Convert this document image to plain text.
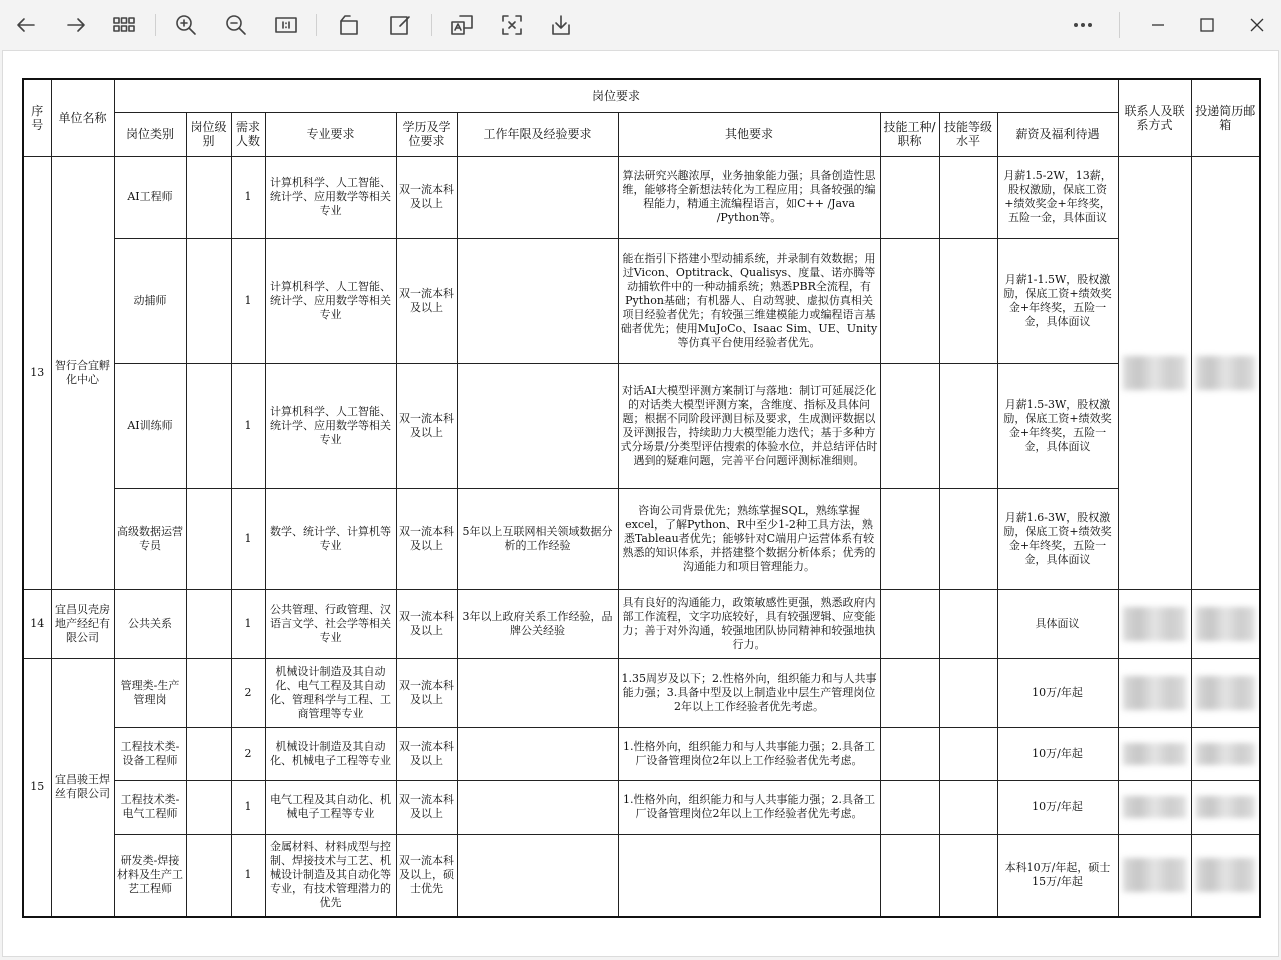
序号	单位名称	岗位要求										联系人及联系方式	投递简历邮箱
		岗位类别	岗位级别	需求人数	专业要求	学历及学位要求	工作年限及经验要求	其他要求	技能工种/职称	技能等级水平	薪资及福利待遇		
13	智行合宜孵化中心	AI工程师		1	计算机科学、人工智能、统计学、应用数学等相关专业	双一流本科及以上		算法研究兴趣浓厚，业务抽象能力强；具备创造性思维，能够将全新想法转化为工程应用；具备较强的编程能力，精通主流编程语言，如C++ /Java /Python等。			月薪1.5-2W，13薪，股权激励，保底工资+绩效奖金+年终奖，五险一金，具体面议	

		动捕师		1	计算机科学、人工智能、统计学、应用数学等相关专业	双一流本科及以上		能在指引下搭建小型动捕系统，并录制有效数据；用过Vicon、Optitrack、Qualisys、度量、诺亦腾等动捕软件中的一种动捕系统；熟悉PBR全流程，有Python基础；有机器人、自动驾驶、虚拟仿真相关项目经验者优先；有较强三维建模能力或编程语言基础者优先；使用MuJoCo、Isaac Sim、UE、Unity等仿真平台使用经验者优先。			月薪1-1.5W，股权激励，保底工资+绩效奖金+年终奖，五险一金，具体面议		
		AI训练师		1	计算机科学、人工智能、统计学、应用数学等相关专业	双一流本科及以上		对话AI大模型评测方案制订与落地：制订可延展泛化的对话类大模型评测方案，含维度、指标及具体问题；根据不同阶段评测目标及要求，生成测评数据以及评测报告，持续助力大模型能力迭代；基于多种方式分场景/分类型评估搜索的体验水位，并总结评估时遇到的疑难问题，完善平台问题评测标准细则。			月薪1.5-3W，股权激励，保底工资+绩效奖金+年终奖，五险一金，具体面议		
		高级数据运营专员		1	数学、统计学、计算机等专业	双一流本科及以上	5年以上互联网相关领域数据分析的工作经验	咨询公司背景优先；熟练掌握SQL，熟练掌握excel，了解Python、R中至少1-2种工具方法，熟悉Tableau者优先；能够针对C端用户运营体系有较熟悉的知识体系，并搭建整个数据分析体系；优秀的沟通能力和项目管理能力。			月薪1.6-3W，股权激励，保底工资+绩效奖金+年终奖，五险一金，具体面议		
14	宜昌贝壳房地产经纪有限公司	公共关系		1	公共管理、行政管理、汉语言文学、社会学等相关专业	双一流本科及以上	3年以上政府关系工作经验，品牌公关经验	具有良好的沟通能力，政策敏感性更强，熟悉政府内部工作流程，文字功底较好，具有较强逻辑、应变能力；善于对外沟通，较强地团队协同精神和较强地执行力。			具体面议	

15	宜昌骏王焊丝有限公司	管理类-生产管理岗		2	机械设计制造及其自动化、电气工程及其自动化、管理科学与工程、工商管理等专业	双一流本科及以上		1.35周岁及以下；2.性格外向，组织能力和与人共事能力强；3.具备中型及以上制造业中层生产管理岗位2年以上工作经验者优先考虑。			10万/年起	

		工程技术类-设备工程师		2	机械设计制造及其自动化、机械电子工程等专业	双一流本科及以上		1.性格外向，组织能力和与人共事能力强；2.具备工厂设备管理岗位2年以上工作经验者优先考虑。			10万/年起	

		工程技术类-电气工程师		1	电气工程及其自动化、机械电子工程等专业	双一流本科及以上		1.性格外向，组织能力和与人共事能力强；2.具备工厂设备管理岗位2年以上工作经验者优先考虑。			10万/年起	

		研发类-焊接材料及生产工艺工程师		1	金属材料、材料成型与控制、焊接技术与工艺、机械设计制造及其自动化等专业，有技术管理潜力的优先	双一流本科及以上，硕士优先					本科10万/年起，硕士15万/年起	
